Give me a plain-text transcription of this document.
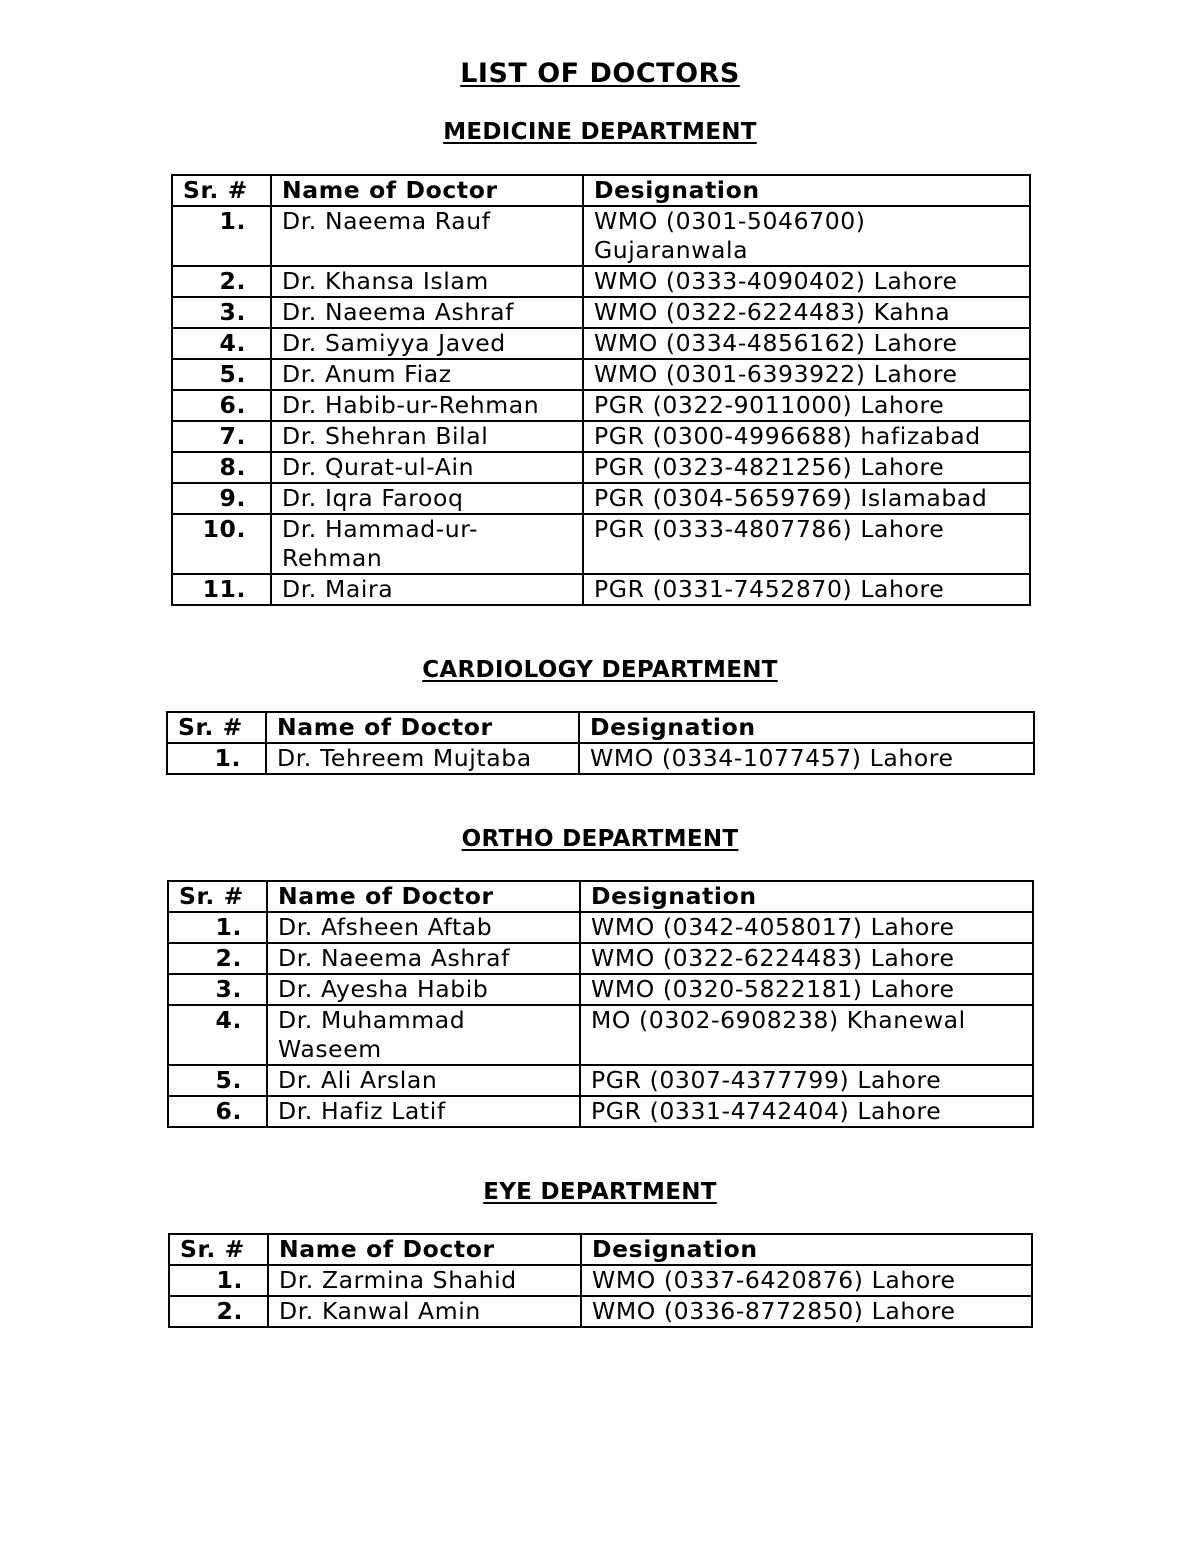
LIST OF DOCTORS
MEDICINE DEPARTMENT
Sr. #	Name of Doctor	Designation
1.	Dr. Naeema Rauf	WMO (0301-5046700) Gujaranwala
2.	Dr. Khansa Islam	WMO (0333-4090402) Lahore
3.	Dr. Naeema Ashraf	WMO (0322-6224483) Kahna
4.	Dr. Samiyya Javed	WMO (0334-4856162) Lahore
5.	Dr. Anum Fiaz	WMO (0301-6393922) Lahore
6.	Dr. Habib-ur-Rehman	PGR (0322-9011000) Lahore
7.	Dr. Shehran Bilal	PGR (0300-4996688) hafizabad
8.	Dr. Qurat-ul-Ain	PGR (0323-4821256) Lahore
9.	Dr. Iqra Farooq	PGR (0304-5659769) Islamabad
10.	Dr. Hammad-ur-Rehman	PGR (0333-4807786) Lahore
11.	Dr. Maira	PGR (0331-7452870) Lahore
CARDIOLOGY DEPARTMENT
Sr. #	Name of Doctor	Designation
1.	Dr. Tehreem Mujtaba	WMO (0334-1077457) Lahore
ORTHO DEPARTMENT
Sr. #	Name of Doctor	Designation
1.	Dr. Afsheen Aftab	WMO (0342-4058017) Lahore
2.	Dr. Naeema Ashraf	WMO (0322-6224483) Lahore
3.	Dr. Ayesha Habib	WMO (0320-5822181) Lahore
4.	Dr. Muhammad Waseem	MO (0302-6908238) Khanewal
5.	Dr. Ali Arslan	PGR (0307-4377799) Lahore
6.	Dr. Hafiz Latif	PGR (0331-4742404) Lahore
EYE DEPARTMENT
Sr. #	Name of Doctor	Designation
1.	Dr. Zarmina Shahid	WMO (0337-6420876) Lahore
2.	Dr. Kanwal Amin	WMO (0336-8772850) Lahore
